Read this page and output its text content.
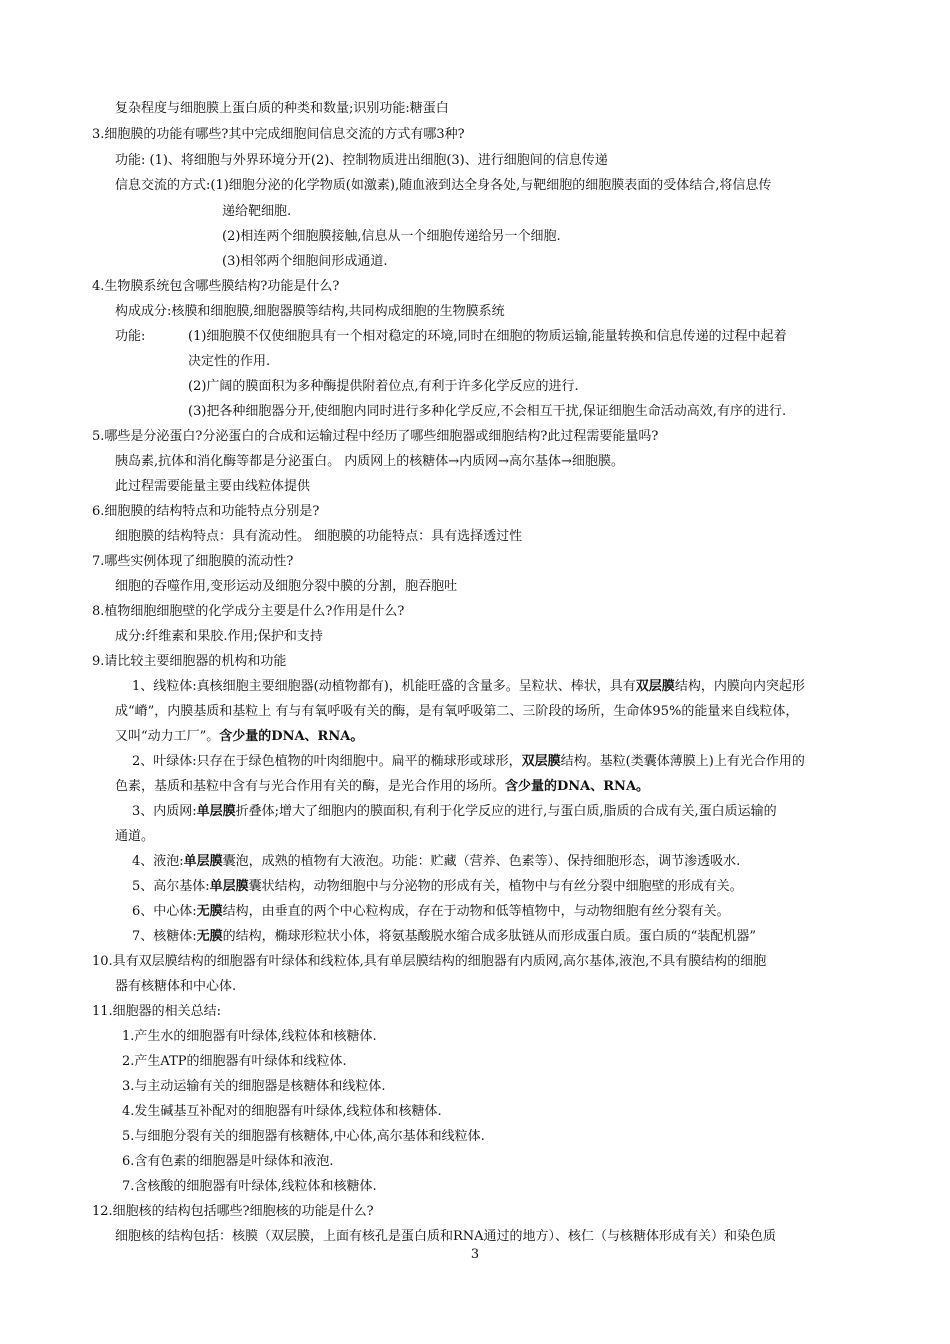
复杂程度与细胞膜上蛋白质的种类和数量;识别功能:糖蛋白
3.细胞膜的功能有哪些?其中完成细胞间信息交流的方式有哪3种?
功能: (1)、将细胞与外界环境分开(2)、控制物质进出细胞(3)、进行细胞间的信息传递
信息交流的方式:(1)细胞分泌的化学物质(如激素),随血液到达全身各处,与靶细胞的细胞膜表面的受体结合,将信息传
递给靶细胞.
(2)相连两个细胞膜接触,信息从一个细胞传递给另一个细胞.
(3)相邻两个细胞间形成通道.
4.生物膜系统包含哪些膜结构?功能是什么?
构成成分:核膜和细胞膜,细胞器膜等结构,共同构成细胞的生物膜系统
功能:	(1)细胞膜不仅使细胞具有一个相对稳定的环境,同时在细胞的物质运输,能量转换和信息传递的过程中起着
决定性的作用.
(2)广阔的膜面积为多种酶提供附着位点,有利于许多化学反应的进行.
(3)把各种细胞器分开,使细胞内同时进行多种化学反应,不会相互干扰,保证细胞生命活动高效,有序的进行.
5.哪些是分泌蛋白?分泌蛋白的合成和运输过程中经历了哪些细胞器或细胞结构?此过程需要能量吗?
胰岛素,抗体和消化酶等都是分泌蛋白。 内质网上的核糖体→内质网→高尔基体→细胞膜。
此过程需要能量主要由线粒体提供
6.细胞膜的结构特点和功能特点分别是?
细胞膜的结构特点：具有流动性。 细胞膜的功能特点：具有选择透过性
7.哪些实例体现了细胞膜的流动性?
细胞的吞噬作用,变形运动及细胞分裂中膜的分割，胞吞胞吐
8.植物细胞细胞壁的化学成分主要是什么?作用是什么?
成分:纤维素和果胶.作用;保护和支持
9.请比较主要细胞器的机构和功能
1、线粒体:真核细胞主要细胞器(动植物都有)，机能旺盛的含量多。呈粒状、棒状，具有双层膜结构，内膜向内突起形
成“嵴”，内膜基质和基粒上 有与有氧呼吸有关的酶，是有氧呼吸第二、三阶段的场所，生命体95%的能量来自线粒体，
又叫“动力工厂”。含少量的DNA、RNA。
2、叶绿体:只存在于绿色植物的叶肉细胞中。扁平的椭球形或球形，双层膜结构。基粒(类囊体薄膜上)上有光合作用的
色素，基质和基粒中含有与光合作用有关的酶，是光合作用的场所。含少量的DNA、RNA。
3、内质网:单层膜折叠体;增大了细胞内的膜面积,有利于化学反应的进行,与蛋白质,脂质的合成有关,蛋白质运输的
通道。
4、液泡:单层膜囊泡，成熟的植物有大液泡。功能：贮藏（营养、色素等）、保持细胞形态，调节渗透吸水.
5、高尔基体:单层膜囊状结构，动物细胞中与分泌物的形成有关，植物中与有丝分裂中细胞壁的形成有关。
6、中心体:无膜结构，由垂直的两个中心粒构成，存在于动物和低等植物中，与动物细胞有丝分裂有关。
7、核糖体:无膜的结构，椭球形粒状小体，将氨基酸脱水缩合成多肽链从而形成蛋白质。蛋白质的“装配机器”
10.具有双层膜结构的细胞器有叶绿体和线粒体,具有单层膜结构的细胞器有内质网,高尔基体,液泡,不具有膜结构的细胞
器有核糖体和中心体.
11.细胞器的相关总结:
1.产生水的细胞器有叶绿体,线粒体和核糖体.
2.产生ATP的细胞器有叶绿体和线粒体.
3.与主动运输有关的细胞器是核糖体和线粒体.
4.发生碱基互补配对的细胞器有叶绿体,线粒体和核糖体.
5.与细胞分裂有关的细胞器有核糖体,中心体,高尔基体和线粒体.
6.含有色素的细胞器是叶绿体和液泡.
7.含核酸的细胞器有叶绿体,线粒体和核糖体.
12.细胞核的结构包括哪些?细胞核的功能是什么?
细胞核的结构包括：核膜（双层膜，上面有核孔是蛋白质和RNA通过的地方）、核仁（与核糖体形成有关）和染色质
3
